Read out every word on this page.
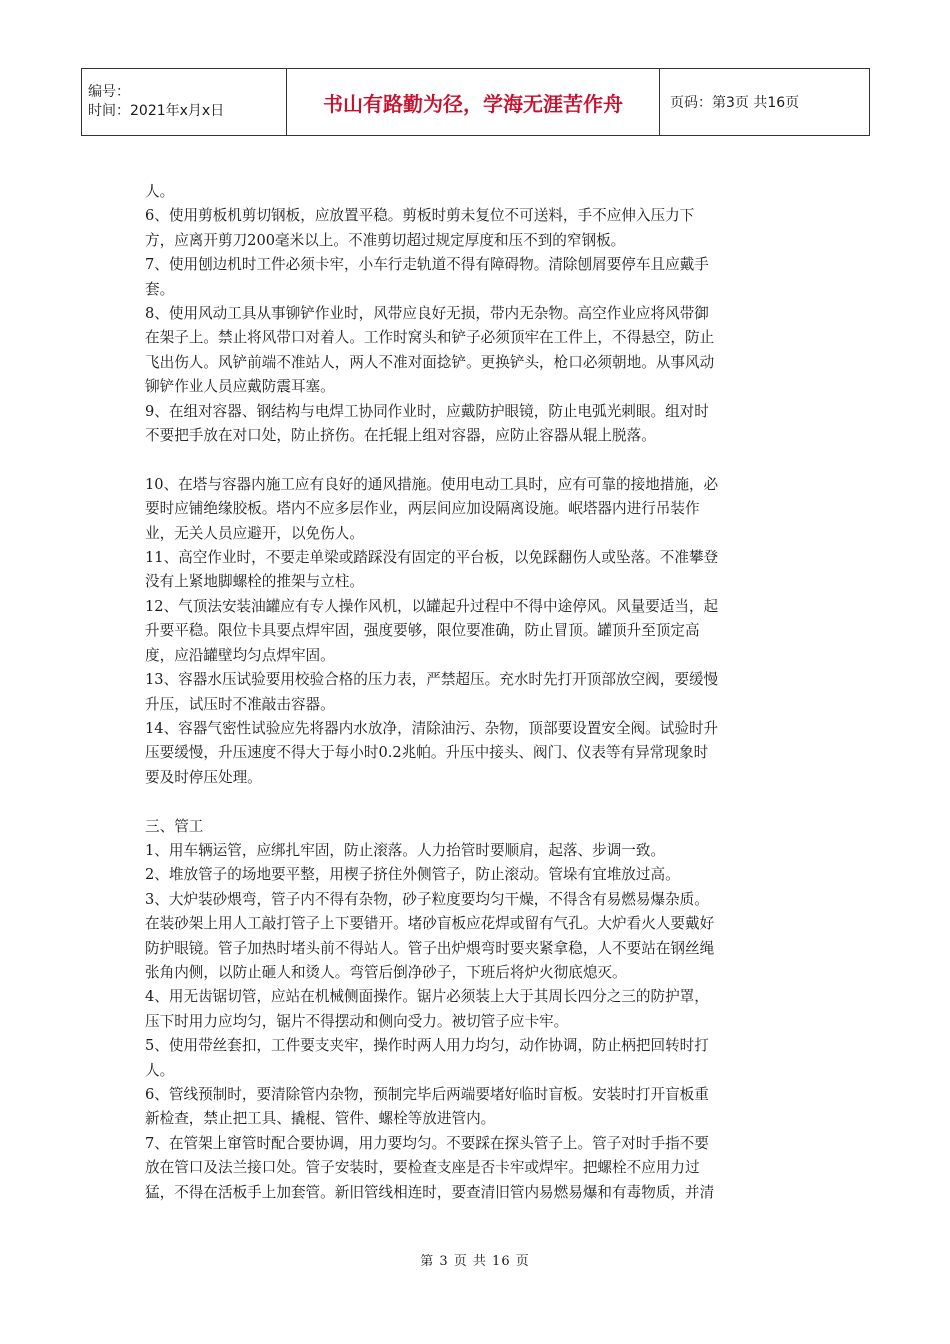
编号：
时间：2021年x月x日	书山有路勤为径，学海无涯苦作舟	页码：第3页 共16页

人。

6、使用剪板机剪切钢板，应放置平稳。剪板时剪未复位不可送料，手不应伸入压力下

方，应离开剪刀200毫米以上。不准剪切超过规定厚度和压不到的窄钢板。

7、使用刨边机时工件必须卡牢，小车行走轨道不得有障碍物。清除刨屑要停车且应戴手

套。

8、使用风动工具从事铆铲作业时，风带应良好无损，带内无杂物。高空作业应将风带御

在架子上。禁止将风带口对着人。工作时窝头和铲子必须顶牢在工件上，不得悬空，防止

飞出伤人。风铲前端不准站人，两人不准对面捻铲。更换铲头，枪口必须朝地。从事风动

铆铲作业人员应戴防震耳塞。

9、在组对容器、钢结构与电焊工协同作业时，应戴防护眼镜，防止电弧光刺眼。组对时

不要把手放在对口处，防止挤伤。在托辊上组对容器，应防止容器从辊上脱落。

10、在塔与容器内施工应有良好的通风措施。使用电动工具时，应有可靠的接地措施，必

要时应铺绝缘胶板。塔内不应多层作业，两层间应加设隔离设施。岷塔器内进行吊装作

业，无关人员应避开，以免伤人。

11、高空作业时，不要走单梁或踏踩没有固定的平台板，以免踩翻伤人或坠落。不准攀登

没有上紧地脚螺栓的推架与立柱。

12、气顶法安装油罐应有专人操作风机，以罐起升过程中不得中途停风。风量要适当，起

升要平稳。限位卡具要点焊牢固，强度要够，限位要准确，防止冒顶。罐顶升至顶定高

度，应沿罐壁均匀点焊牢固。

13、容器水压试验要用校验合格的压力表，严禁超压。充水时先打开顶部放空阀，要缓慢

升压，试压时不准敲击容器。

14、容器气密性试验应先将器内水放净，清除油污、杂物，顶部要设置安全阀。试验时升

压要缓慢，升压速度不得大于每小时0.2兆帕。升压中接头、阀门、仪表等有异常现象时

要及时停压处理。

三、管工

1、用车辆运管，应绑扎牢固，防止滚落。人力抬管时要顺肩，起落、步调一致。

2、堆放管子的场地要平整，用楔子挤住外侧管子，防止滚动。管垛有宜堆放过高。

3、大炉装砂煨弯，管子内不得有杂物，砂子粒度要均匀干燥，不得含有易燃易爆杂质。

在装砂架上用人工敲打管子上下要错开。堵砂盲板应花焊或留有气孔。大炉看火人要戴好

防护眼镜。管子加热时堵头前不得站人。管子出炉煨弯时要夹紧拿稳，人不要站在钢丝绳

张角内侧，以防止砸人和烫人。弯管后倒净砂子，下班后将炉火彻底熄灭。

4、用无齿锯切管，应站在机械侧面操作。锯片必须装上大于其周长四分之三的防护罩，

压下时用力应均匀，锯片不得摆动和侧向受力。被切管子应卡牢。

5、使用带丝套扣，工件要支夹牢，操作时两人用力均匀，动作协调，防止柄把回转时打

人。

6、管线预制时，要清除管内杂物，预制完毕后两端要堵好临时盲板。安装时打开盲板重

新检查，禁止把工具、撬棍、管件、螺栓等放进管内。

7、在管架上窜管时配合要协调，用力要均匀。不要踩在探头管子上。管子对时手指不要

放在管口及法兰接口处。管子安装时，要检查支座是否卡牢或焊牢。把螺栓不应用力过

猛，不得在活板手上加套管。新旧管线相连时，要查清旧管内易燃易爆和有毒物质，并清

第 3 页 共 16 页
